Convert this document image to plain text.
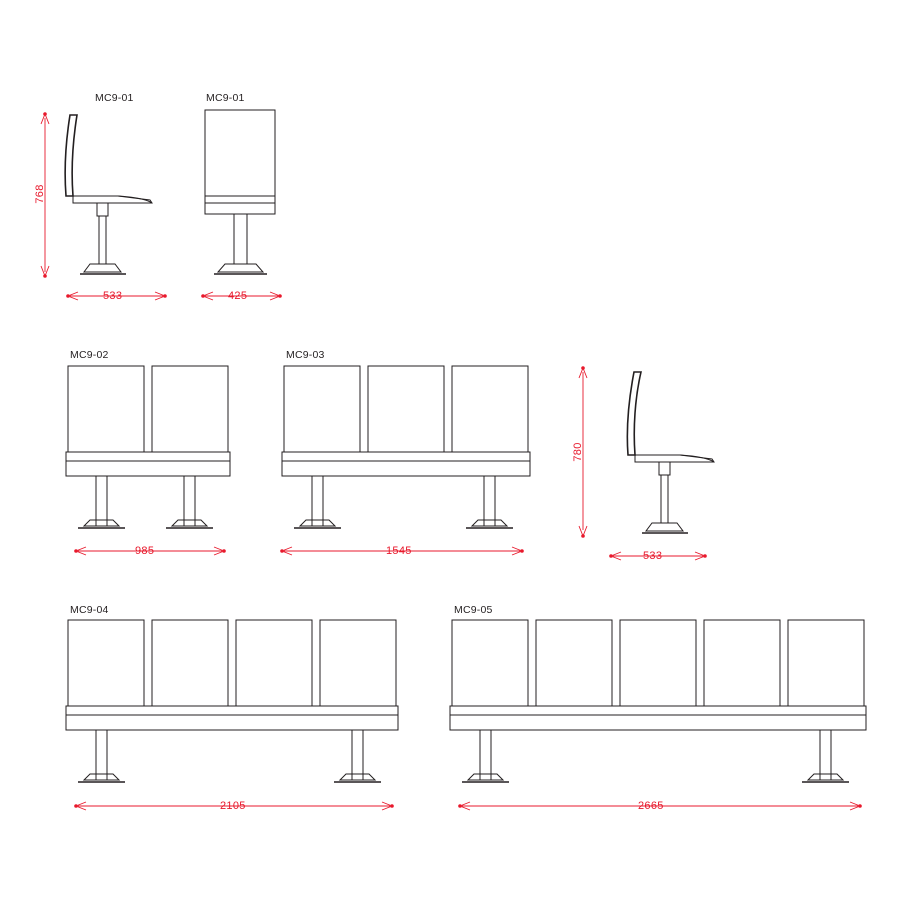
MC9-01	MC9-01
MC9-02	MC9-03
MC9-04	MC9-05
768
533	425
985	1545
780
533
2105	2665
